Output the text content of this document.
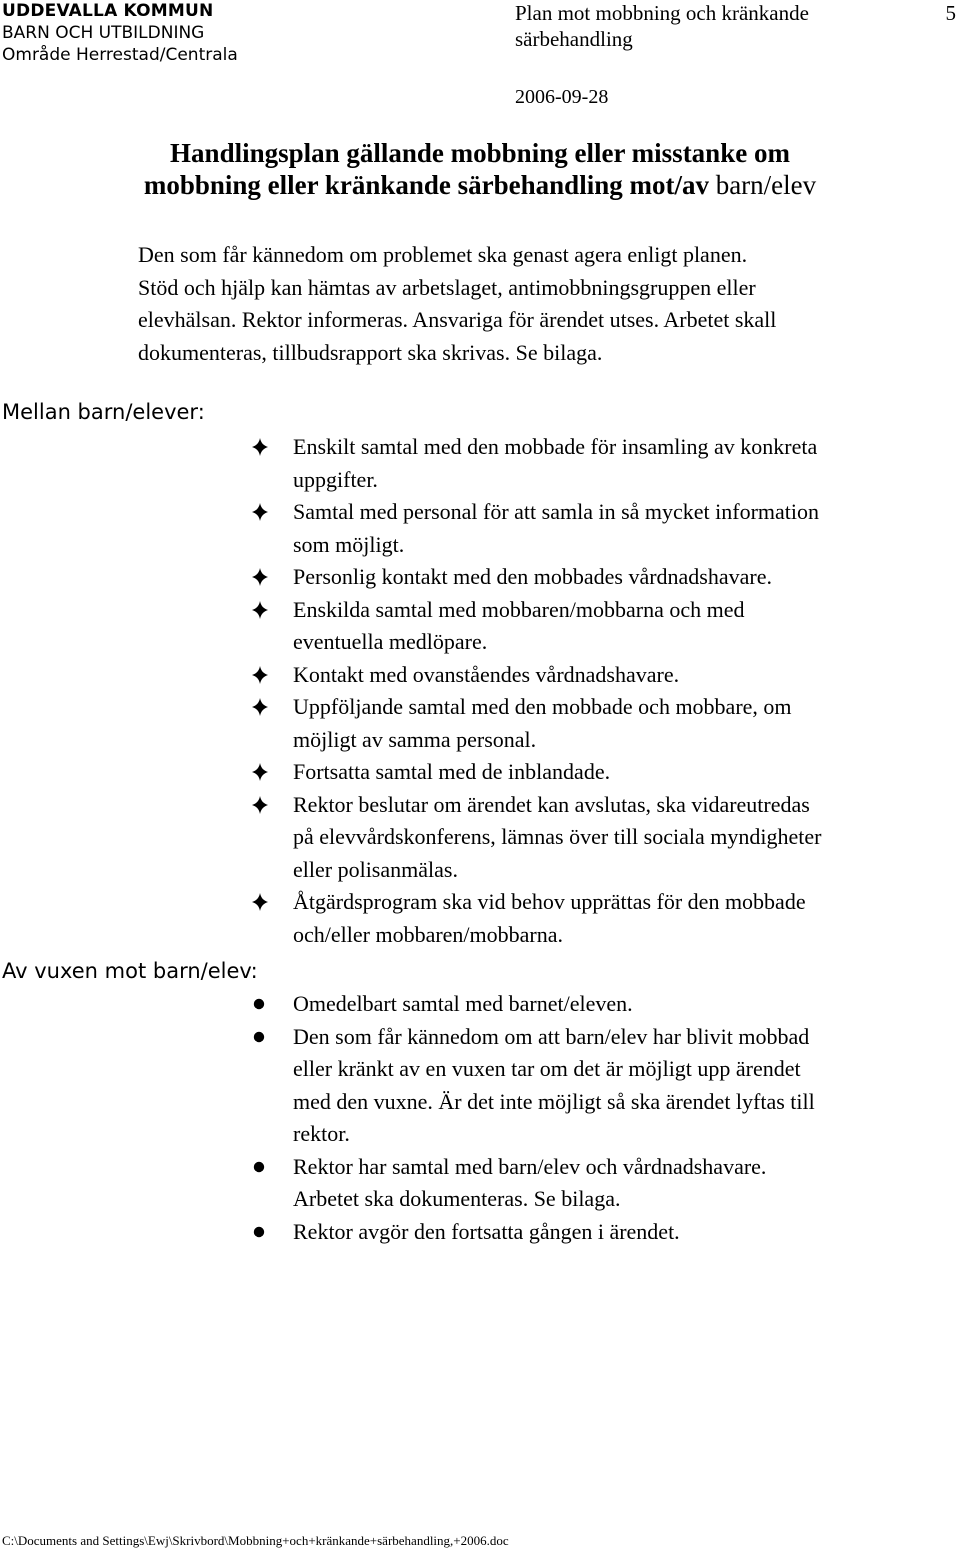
UDDEVALLA KOMMUN
BARN OCH UTBILDNING
Område Herrestad/Centrala
Plan mot mobbning och kränkande
särbehandling
2006-09-28
5
Handlingsplan gällande mobbning eller misstanke om
mobbning eller kränkande särbehandling mot/av barn/elev
Den som får kännedom om problemet ska genast agera enligt planen.
Stöd och hjälp kan hämtas av arbetslaget, antimobbningsgruppen eller
elevhälsan. Rektor informeras. Ansvariga för ärendet utses. Arbetet skall
dokumenteras, tillbudsrapport ska skrivas. Se bilaga.
Mellan barn/elever:
Enskilt samtal med den mobbade för insamling av konkreta
uppgifter.
Samtal med personal för att samla in så mycket information
som möjligt.
Personlig kontakt med den mobbades vårdnadshavare.
Enskilda samtal med mobbaren/mobbarna och med
eventuella medlöpare.
Kontakt med ovanståendes vårdnadshavare.
Uppföljande samtal med den mobbade och mobbare, om
möjligt av samma personal.
Fortsatta samtal med de inblandade.
Rektor beslutar om ärendet kan avslutas, ska vidareutredas
på elevvårdskonferens, lämnas över till sociala myndigheter
eller polisanmälas.
Åtgärdsprogram ska vid behov upprättas för den mobbade
och/eller mobbaren/mobbarna.
Av vuxen mot barn/elev:
Omedelbart samtal med barnet/eleven.
Den som får kännedom om att barn/elev har blivit mobbad
eller kränkt av en vuxen tar om det är möjligt upp ärendet
med den vuxne. Är det inte möjligt så ska ärendet lyftas till
rektor.
Rektor har samtal med barn/elev och vårdnadshavare.
Arbetet ska dokumenteras. Se bilaga.
Rektor avgör den fortsatta gången i ärendet.
C:\Documents and Settings\Ewj\Skrivbord\Mobbning+och+kränkande+särbehandling,+2006.doc
